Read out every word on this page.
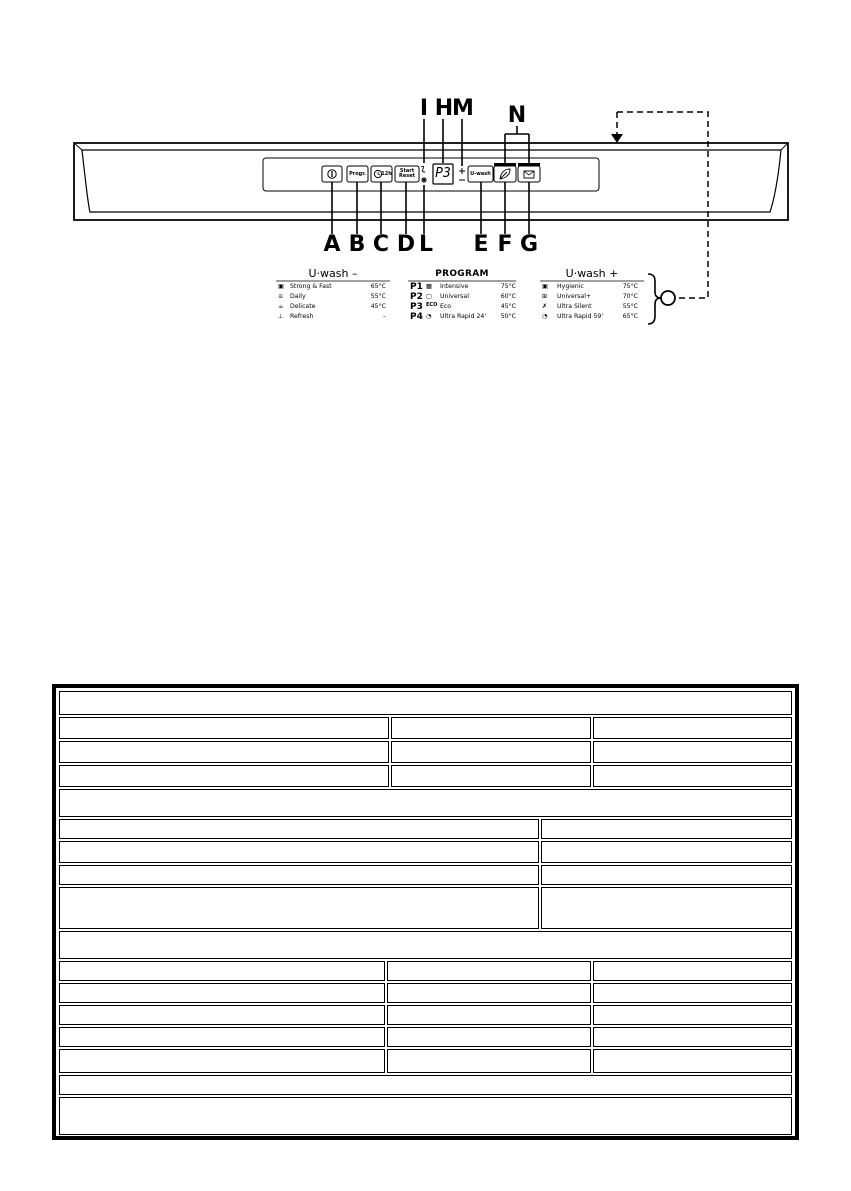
I H
M N
A B C D L E F G
Progr.	12h	Start Reset	U-wash
P3
U·wash –
▣ Strong & Fast	65°C
≡ Daily	55°C
☕ Delicate	45°C
⊥ Refresh	–
PROGRAM
P1 ▦ Intensive	75°C
P2 ▢ Universal	60°C
P3 ECO Eco	45°C
P4 ◔ Ultra Rapid 24' 50°C
U·wash +
▣ Hygienic	75°C
⊞ Universal+	70°C
✗ Ultra Silent	55°C
◔ Ultra Rapid 59'	65°C
